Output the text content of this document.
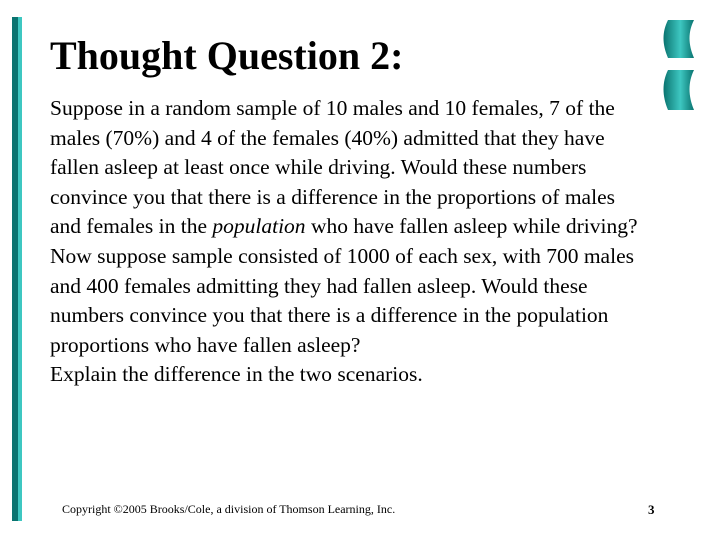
Thought Question 2:

Suppose in a random sample of 10 males and 10 females, 7 of the males (70%) and 4 of the females (40%) admitted that they have fallen asleep at least once while driving. Would these numbers convince you that there is a difference in the proportions of males and females in the population who have fallen asleep while driving?

Now suppose sample consisted of 1000 of each sex, with 700 males and 400 females admitting they had fallen asleep. Would these numbers convince you that there is a difference in the population proportions who have fallen asleep?

Explain the difference in the two scenarios.

Copyright ©2005 Brooks/Cole, a division of Thomson Learning, Inc.	3
